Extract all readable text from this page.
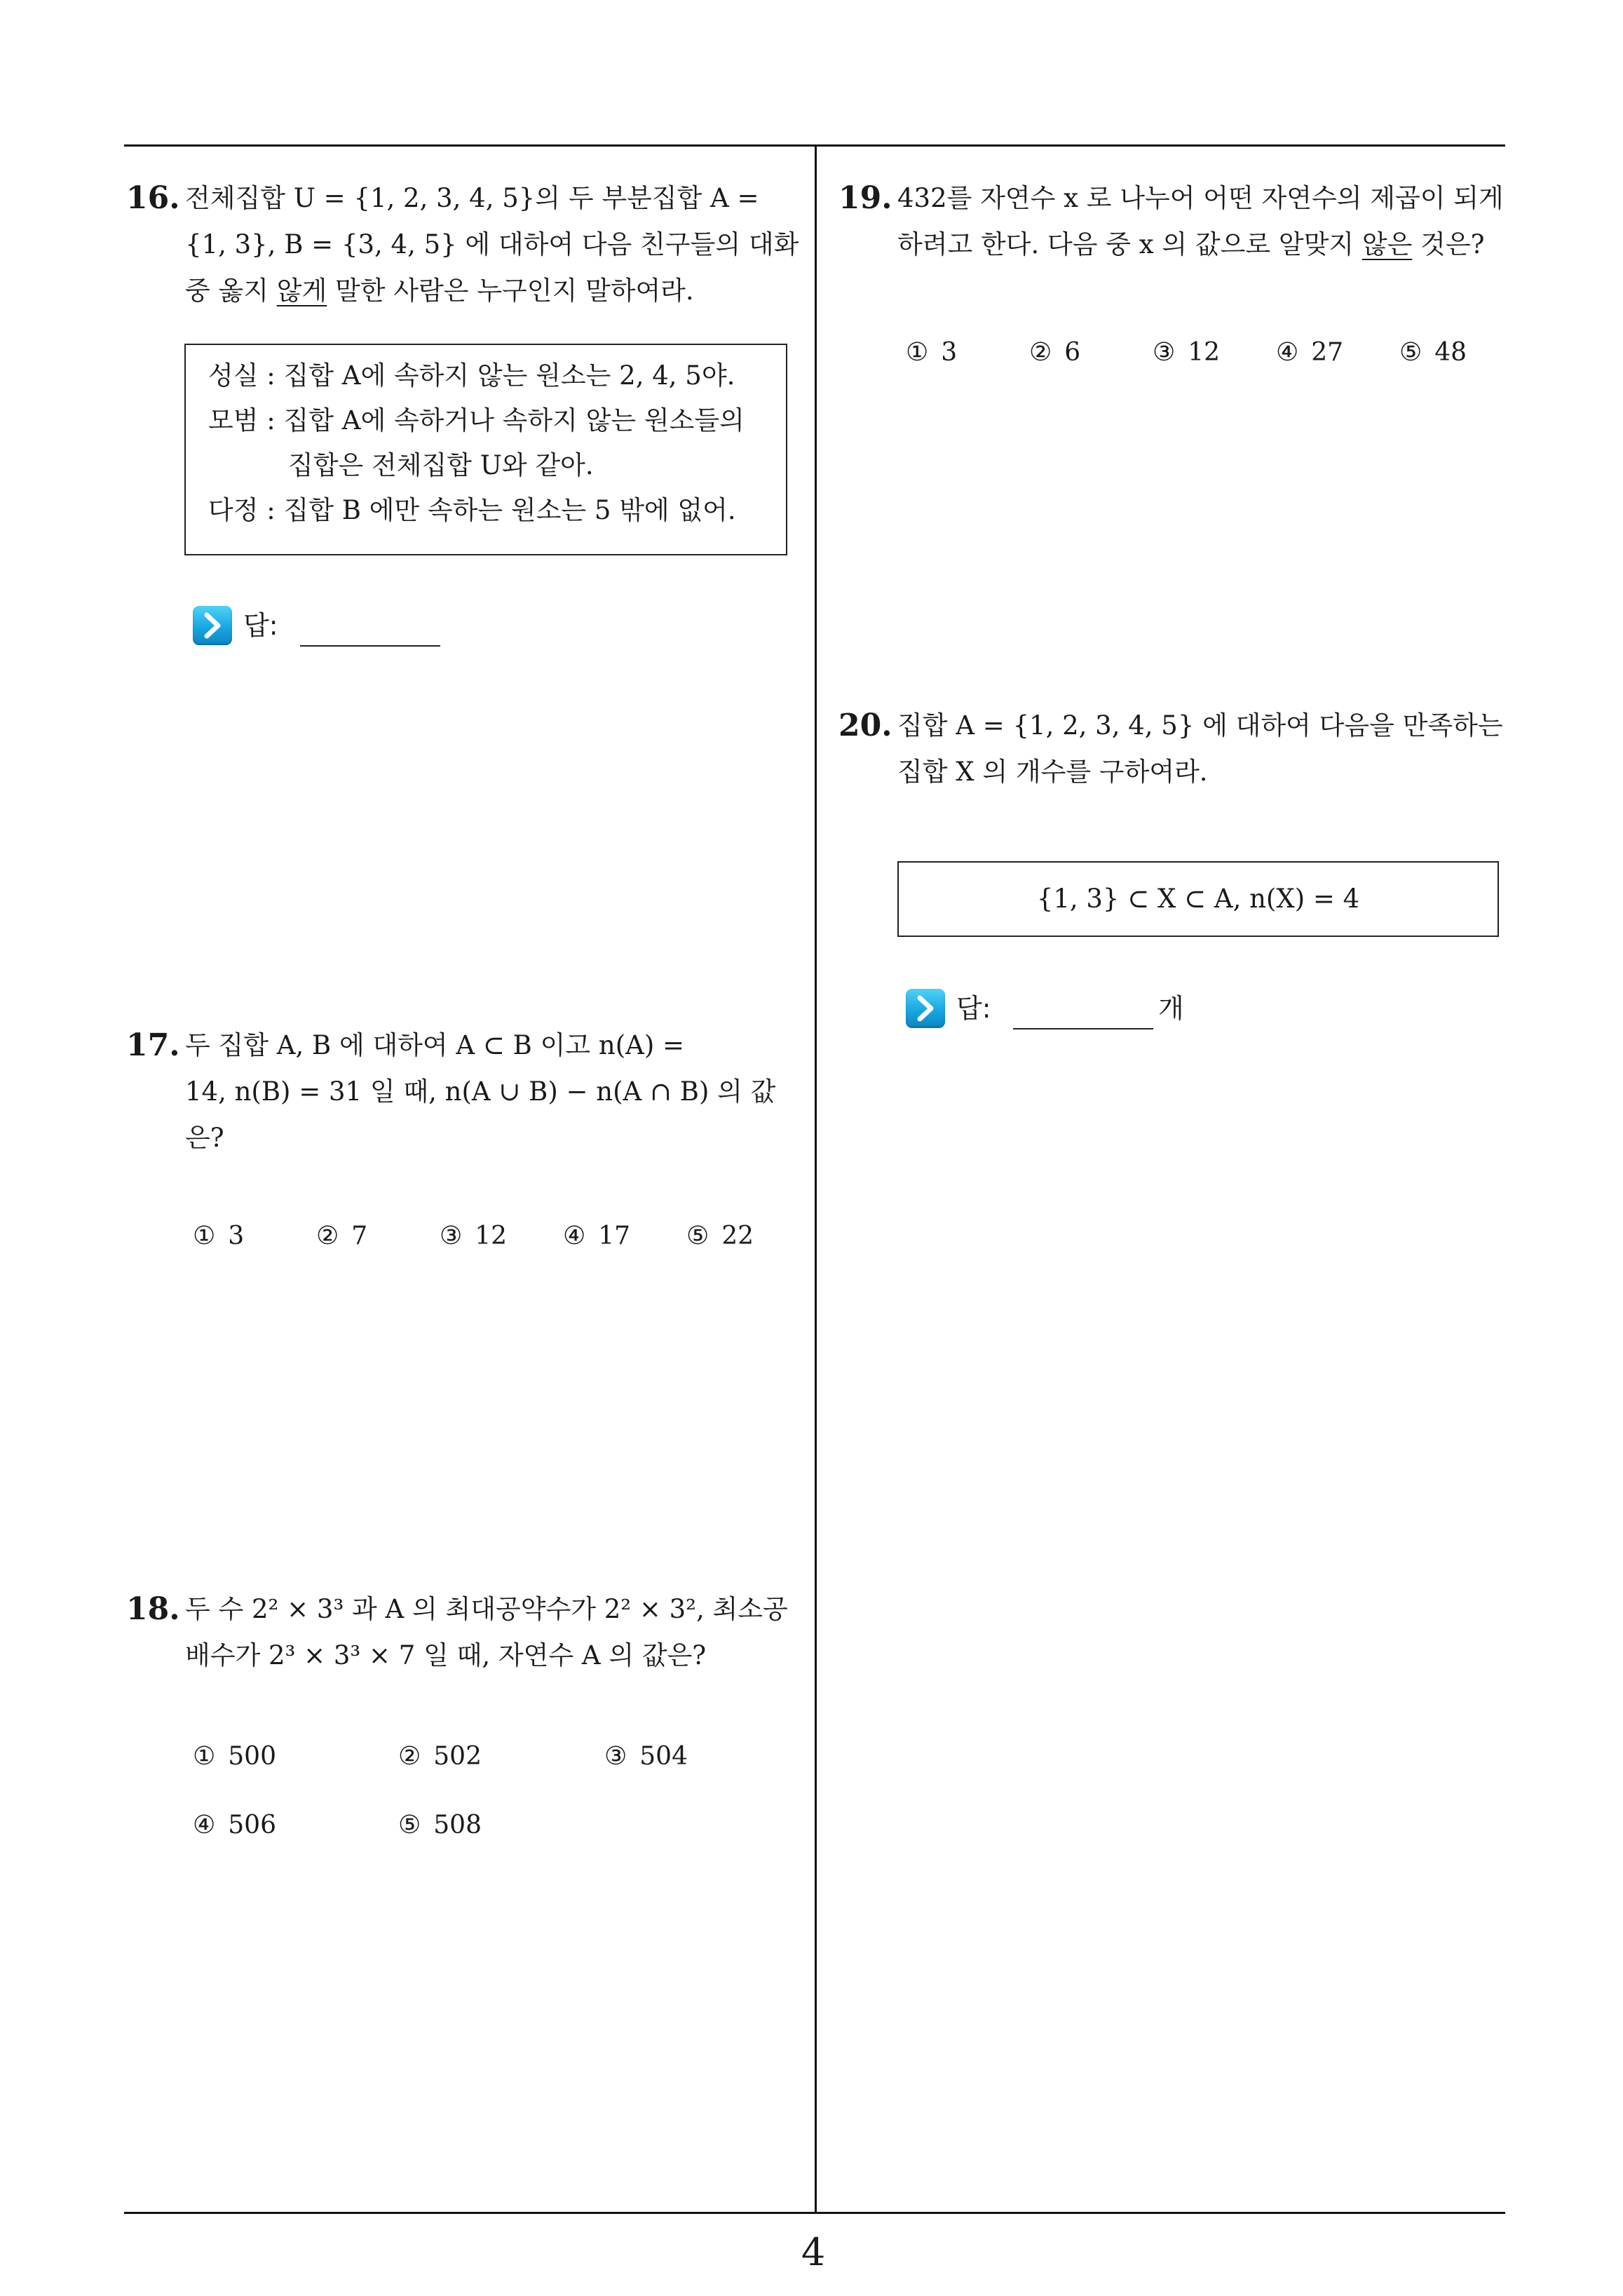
16. 전체집합 U = {1, 2, 3, 4, 5}의 두 부분집합 A =
{1, 3}, B = {3, 4, 5} 에 대하여 다음 친구들의 대화
중 옳지 않게 말한 사람은 누구인지 말하여라.
성실 : 집합 A에 속하지 않는 원소는 2, 4, 5야.
모범 : 집합 A에 속하거나 속하지 않는 원소들의
집합은 전체집합 U와 같아.
다정 : 집합 B 에만 속하는 원소는 5 밖에 없어.
답:
17. 두 집합 A, B 에 대하여 A ⊂ B 이고 n(A) =
14, n(B) = 31 일 때, n(A ∪ B) − n(A ∩ B) 의 값
은?
① 3	② 7	③ 12 ④ 17 ⑤ 22
18. 두 수 2² × 3³ 과 A 의 최대공약수가 2² × 3², 최소공
배수가 2³ × 3³ × 7 일 때, 자연수 A 의 값은?
① 500	② 502	③ 504
④ 506	⑤ 508
19. 432를 자연수 x 로 나누어 어떤 자연수의 제곱이 되게
하려고 한다. 다음 중 x 의 값으로 알맞지 않은 것은?
① 3	② 6	③ 12 ④ 27 ⑤ 48
20. 집합 A = {1, 2, 3, 4, 5} 에 대하여 다음을 만족하는
집합 X 의 개수를 구하여라.
{1, 3} ⊂ X ⊂ A, n(X) = 4
답:	개
4
